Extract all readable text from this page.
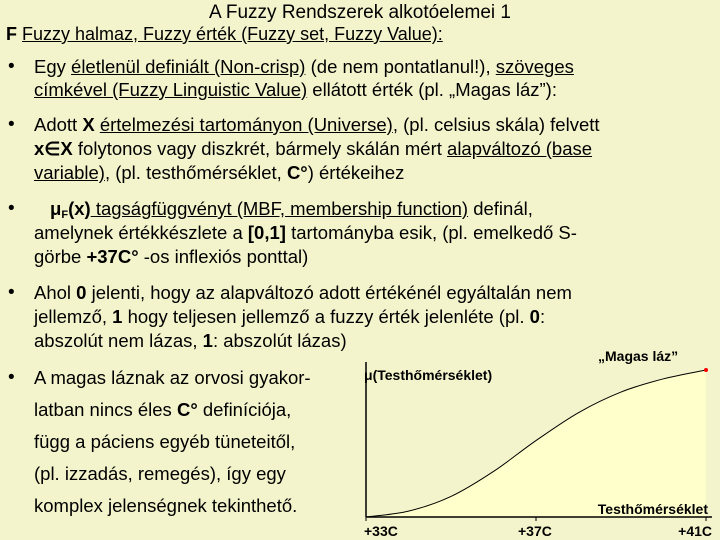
A Fuzzy Rendszerek alkotóelemei 1
F Fuzzy halmaz, Fuzzy érték (Fuzzy set, Fuzzy Value):
• Egy életlenül definiált (Non-crisp) (de nem pontatlanul!), szöveges
címkével (Fuzzy Linguistic Value) ellátott érték (pl. „Magas láz”):
• Adott X értelmezési tartományon (Universe), (pl. celsius skála) felvett
x∈X folytonos vagy diszkrét, bármely skálán mért alapváltozó (base
variable), (pl. testhőmérséklet, C°) értékeihez
• $\mu_F(x)$ tagságfüggvényt (MBF, membership function) definál,
amelynek értékkészlete a [0,1] tartományba esik, (pl. emelkedő S-
görbe +37C° -os inflexiós ponttal)
• Ahol 0 jelenti, hogy az alapváltozó adott értékénél egyáltalán nem
jellemző, 1 hogy teljesen jellemző a fuzzy érték jelenléte (pl. 0:
abszolút nem lázas, 1: abszolút lázas)
• A magas láznak az orvosi gyakor-
latban nincs éles C° definíciója,
függ a páciens egyéb tüneteitől,
(pl. izzadás, remegés), így egy
komplex jelenségnek tekinthető.
+33C	+37C	+41C
μ(Testhőmérséklet)
„Magas láz”
Testhőmérséklet
